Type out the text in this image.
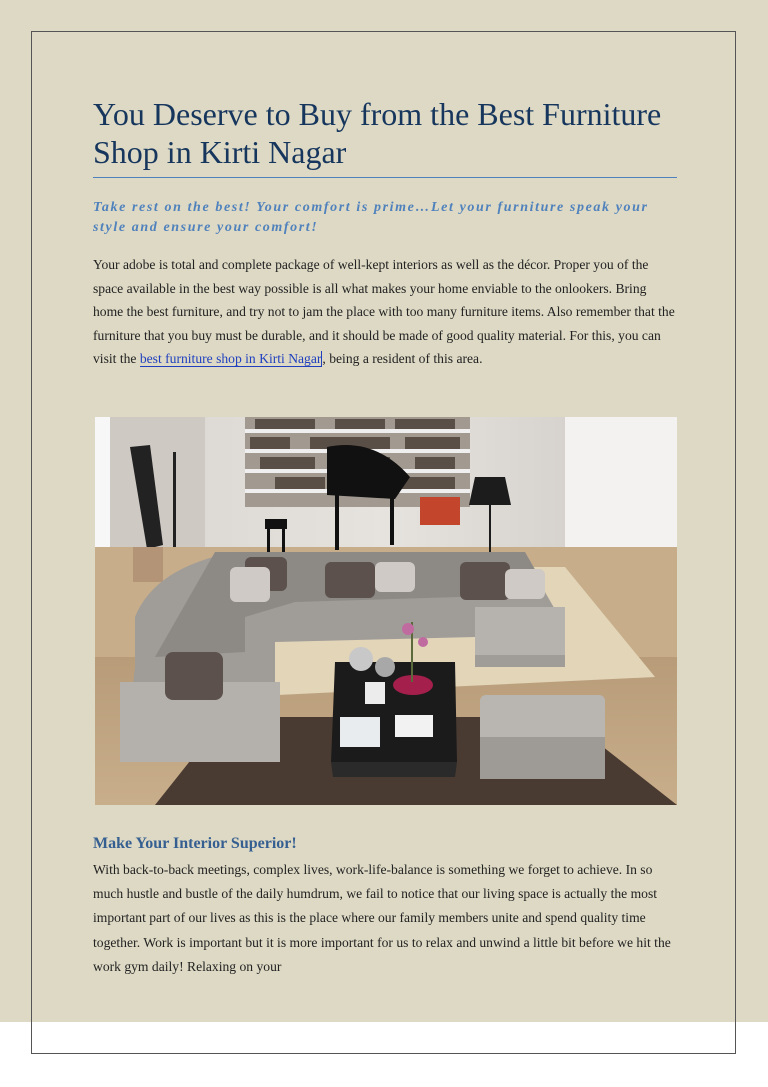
You Deserve to Buy from the Best Furniture Shop in Kirti Nagar
Take rest on the best! Your comfort is prime…Let your furniture speak your style and ensure your comfort!
Your adobe is total and complete package of well-kept interiors as well as the décor. Proper you of the space available in the best way possible is all what makes your home enviable to the onlookers. Bring home the best furniture, and try not to jam the place with too many furniture items. Also remember that the furniture that you buy must be durable, and it should be made of good quality material. For this, you can visit the best furniture shop in Kirti Nagar, being a resident of this area.
Make Your Interior Superior!
With back-to-back meetings, complex lives, work-life-balance is something we forget to achieve. In so much hustle and bustle of the daily humdrum, we fail to notice that our living space is actually the most important part of our lives as this is the place where our family members unite and spend quality time together. Work is important but it is more important for us to relax and unwind a little bit before we hit the work gym daily! Relaxing on your
